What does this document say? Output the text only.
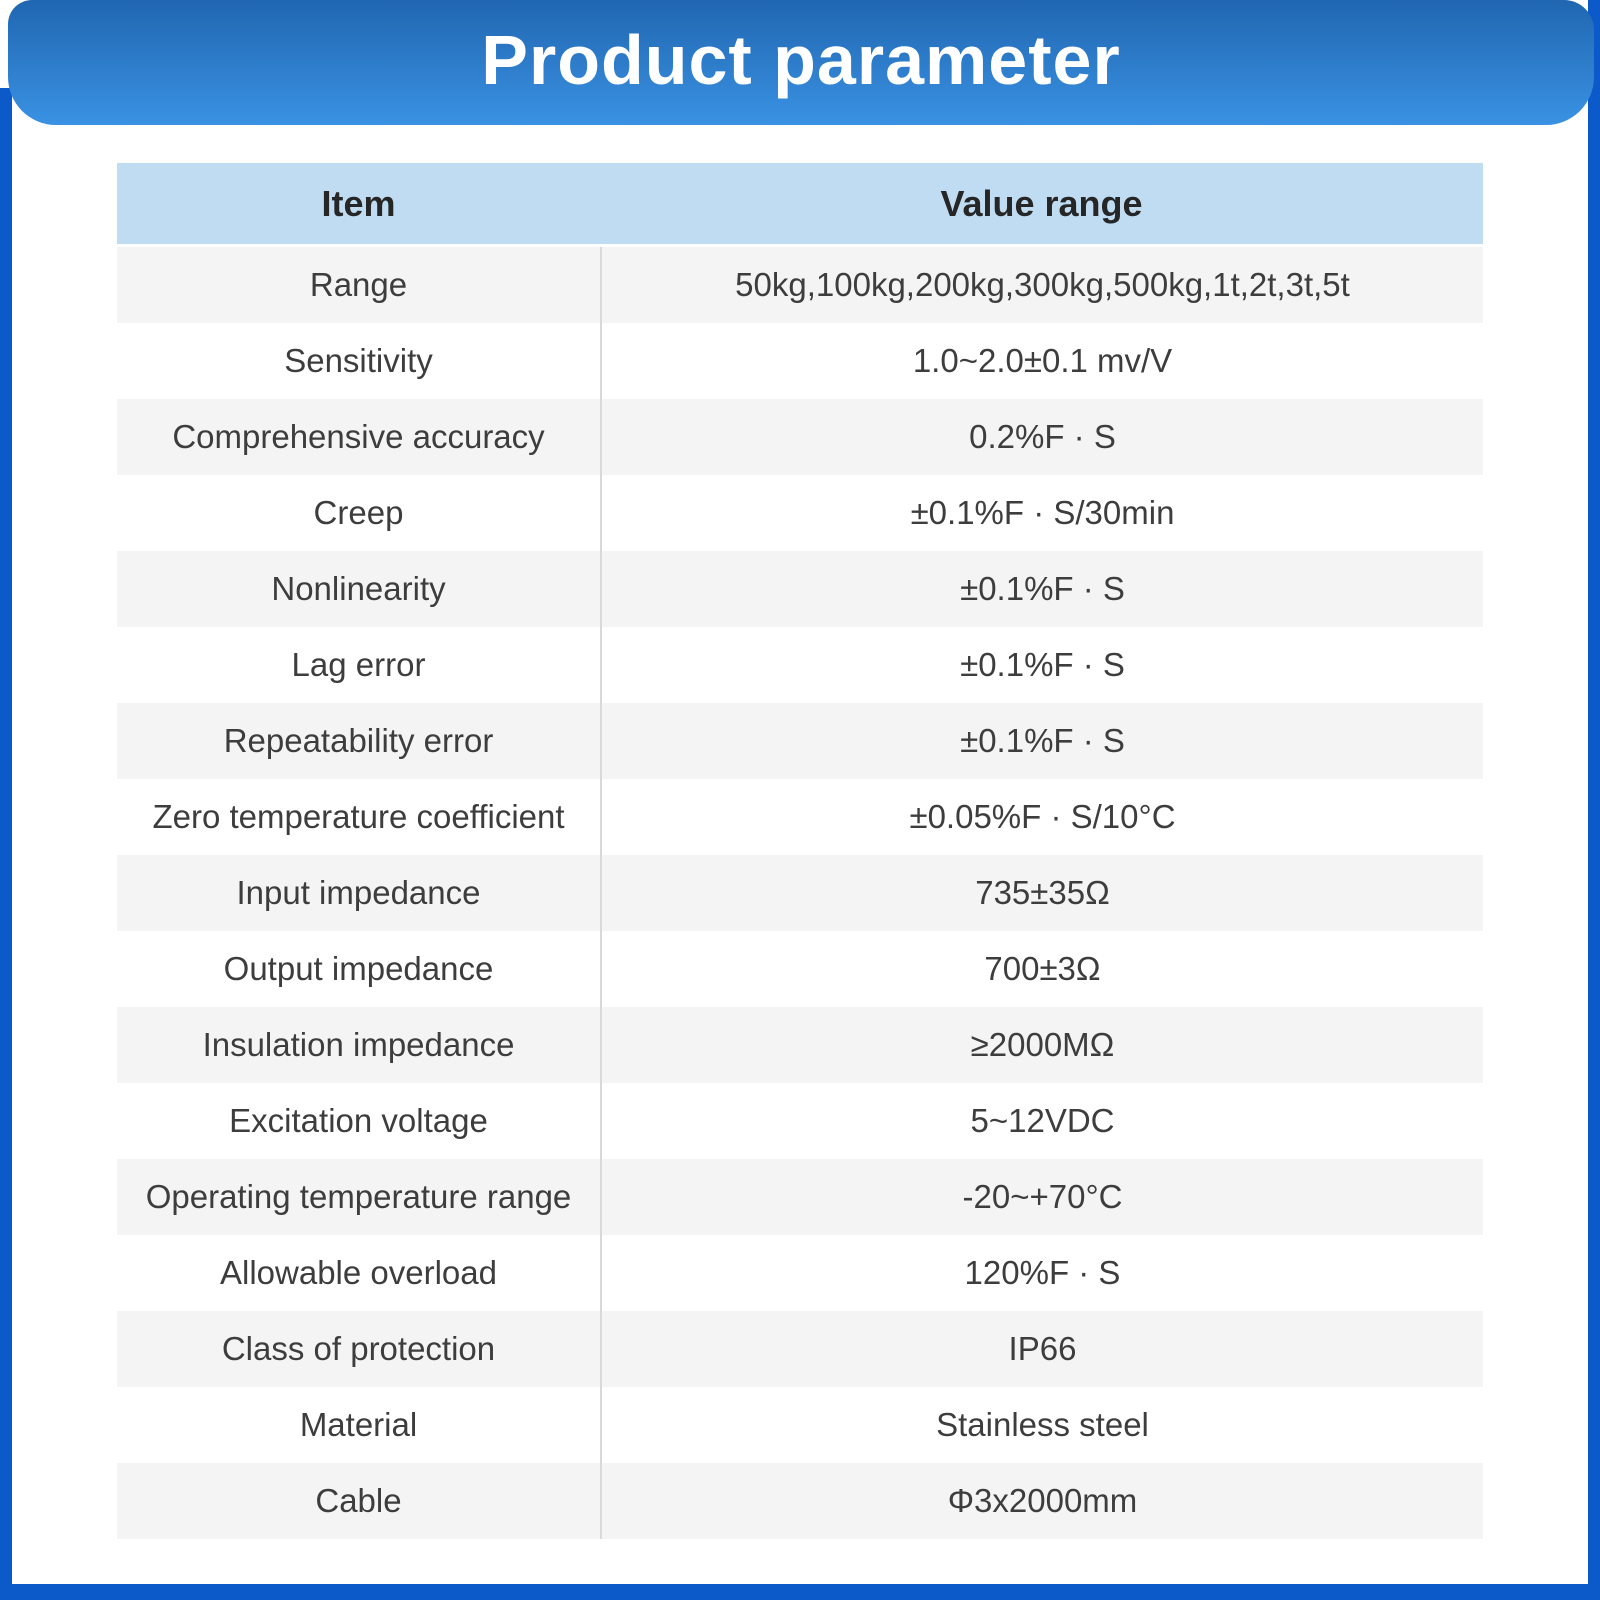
Product parameter
Item	Value range
Range	50kg,100kg,200kg,300kg,500kg,1t,2t,3t,5t
Sensitivity	1.0~2.0±0.1 mv/V
Comprehensive accuracy	0.2%F · S
Creep	±0.1%F · S/30min
Nonlinearity	±0.1%F · S
Lag error	±0.1%F · S
Repeatability error	±0.1%F · S
Zero temperature coefficient	±0.05%F · S/10°C
Input impedance	735±35Ω
Output impedance	700±3Ω
Insulation impedance	≥2000MΩ
Excitation voltage	5~12VDC
Operating temperature range	-20~+70°C
Allowable overload	120%F · S
Class of protection	IP66
Material	Stainless steel
Cable	Φ3x2000mm
